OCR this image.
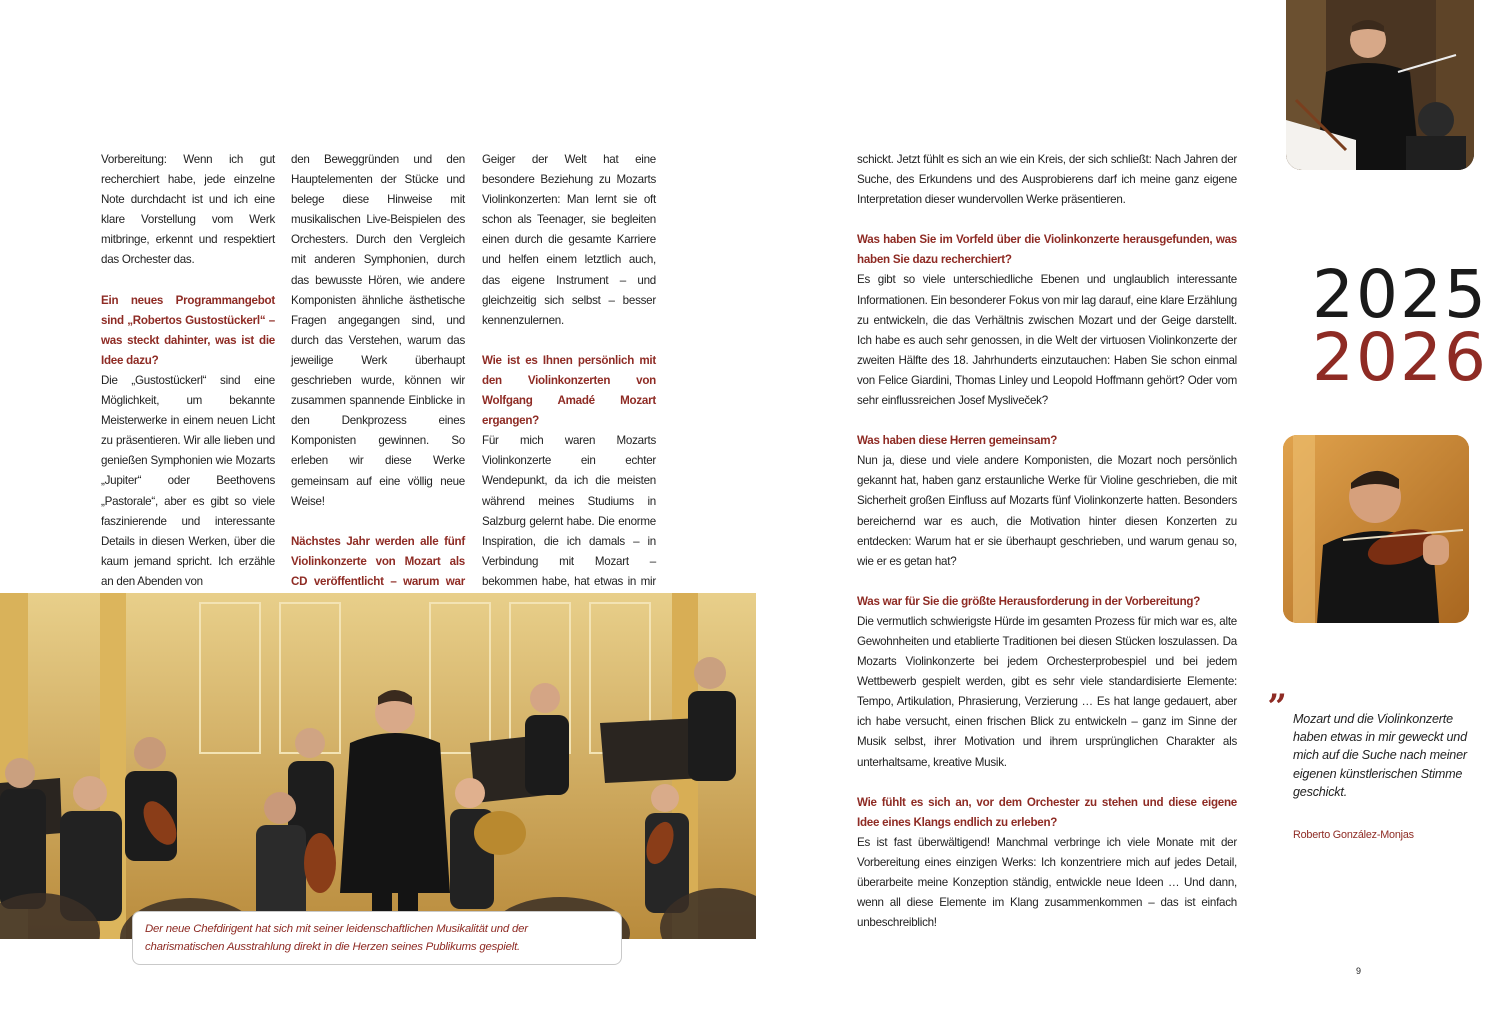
Vorbereitung: Wenn ich gut recherchiert habe, jede einzelne Note durchdacht ist und ich eine klare Vorstellung vom Werk mitbringe, erkennt und respektiert das Orchester das.

Ein neues Programmangebot sind „Robertos Gustostückerl“ – was steckt dahinter, was ist die Idee dazu?

Die „Gustostückerl“ sind eine Möglichkeit, um bekannte Meisterwerke in einem neuen Licht zu präsentieren. Wir alle lieben und genießen Symphonien wie Mozarts „Jupiter“ oder Beethovens „Pastorale“, aber es gibt so viele faszinierende und interessante Details in diesen Werken, über die kaum jemand spricht. Ich erzähle an den Abenden von

den Beweggründen und den Hauptelementen der Stücke und belege diese Hinweise mit musikalischen Live-Beispielen des Orchesters. Durch den Vergleich mit anderen Symphonien, durch das bewusste Hören, wie andere Komponisten ähnliche ästhetische Fragen angegangen sind, und durch das Verstehen, warum das jeweilige Werk überhaupt geschrieben wurde, können wir zusammen spannende Einblicke in den Denkprozess eines Komponisten gewinnen. So erleben wir diese Werke gemeinsam auf eine völlig neue Weise!

Nächstes Jahr werden alle fünf Violinkonzerte von Mozart als CD veröffentlicht – warum war

Geiger der Welt hat eine besondere Beziehung zu Mozarts Violinkonzerten: Man lernt sie oft schon als Teenager, sie begleiten einen durch die gesamte Karriere und helfen einem letztlich auch, das eigene Instrument – und gleichzeitig sich selbst – besser kennenzulernen.

Wie ist es Ihnen persönlich mit den Violinkonzerten von Wolfgang Amadé Mozart ergangen?

Für mich waren Mozarts Violinkonzerte ein echter Wendepunkt, da ich die meisten während meines Studiums in Salzburg gelernt habe. Die enorme Inspiration, die ich damals – in Verbindung mit Mozart – bekommen habe, hat etwas in mir

Der neue Chefdirigent hat sich mit seiner leidenschaftlichen Musikalität und der charismatischen Ausstrahlung direkt in die Herzen seines Publikums gespielt.

schickt. Jetzt fühlt es sich an wie ein Kreis, der sich schließt: Nach Jahren der Suche, des Erkundens und des Ausprobierens darf ich meine ganz eigene Interpretation dieser wundervollen Werke präsentieren.

Was haben Sie im Vorfeld über die Violinkonzerte herausgefunden, was haben Sie dazu recherchiert?

Es gibt so viele unterschiedliche Ebenen und unglaublich interessante Informationen. Ein besonderer Fokus von mir lag darauf, eine klare Erzählung zu entwickeln, die das Verhältnis zwischen Mozart und der Geige darstellt. Ich habe es auch sehr genossen, in die Welt der virtuosen Violinkonzerte der zweiten Hälfte des 18. Jahrhunderts einzutauchen: Haben Sie schon einmal von Felice Giardini, Thomas Linley und Leopold Hoffmann gehört? Oder vom sehr einflussreichen Josef Mysliveček?

Was haben diese Herren gemeinsam?

Nun ja, diese und viele andere Komponisten, die Mozart noch persönlich gekannt hat, haben ganz erstaunliche Werke für Violine geschrieben, die mit Sicherheit großen Einfluss auf Mozarts fünf Violinkonzerte hatten. Besonders bereichernd war es auch, die Motivation hinter diesen Konzerten zu entdecken: Warum hat er sie überhaupt geschrieben, und warum genau so, wie er es getan hat?

Was war für Sie die größte Herausforderung in der Vorbereitung?

Die vermutlich schwierigste Hürde im gesamten Prozess für mich war es, alte Gewohnheiten und etablierte Traditionen bei diesen Stücken loszulassen. Da Mozarts Violinkonzerte bei jedem Orchesterprobespiel und bei jedem Wettbewerb gespielt werden, gibt es sehr viele standardisierte Elemente: Tempo, Artikulation, Phrasierung, Verzierung … Es hat lange gedauert, aber ich habe versucht, einen frischen Blick zu entwickeln – ganz im Sinne der Musik selbst, ihrer Motivation und ihrem ursprünglichen Charakter als unterhaltsame, kreative Musik.

Wie fühlt es sich an, vor dem Orchester zu stehen und diese eigene Idee eines Klangs endlich zu erleben?

Es ist fast überwältigend! Manchmal verbringe ich viele Monate mit der Vorbereitung eines einzigen Werks: Ich konzentriere mich auf jedes Detail, überarbeite meine Konzeption ständig, entwickle neue Ideen … Und dann, wenn all diese Elemente im Klang zusammenkommen – das ist einfach unbeschreiblich!

2025
2026
„
Mozart und die Violinkonzerte haben etwas in mir geweckt und mich auf die Suche nach meiner eigenen künstlerischen Stimme geschickt.
Roberto González-Monjas
9
